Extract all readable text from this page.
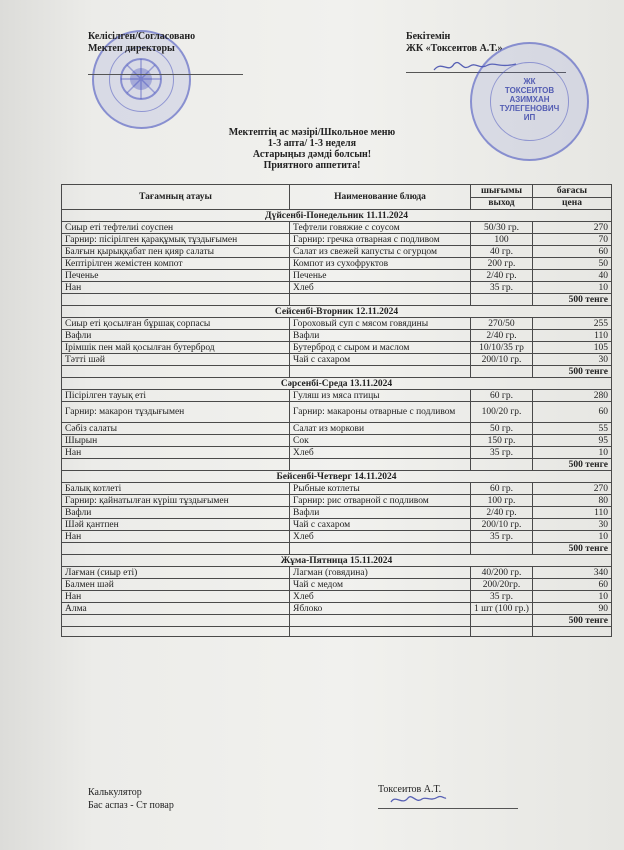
Келісілген/Согласовано
Мектеп директоры
Бекітемін
ЖК «Токсеитов А.Т.»
ЖК
ТОКСЕИТОВ
АЗИМХАН
ТУЛЕГЕНОВИЧ
ИП
Мектептің ас мәзірі/Школьное меню
1-3 апта/ 1-3 неделя
Астарыңыз дәмді болсын!
Приятного аппетита!
Тағамның атауы	Наименование блюда	шығымы	бағасы
		выход	цена
Дүйсенбі-Понедельник 11.11.2024			
Сиыр еті тефтелиі соуспен	Тефтели говяжие с соусом	50/30 гр.	270
Гарнир: пісірілген қарақұмық тұздығымен	Гарнир: гречка отварная с подливом	100	70
Балғын қырыққабат пен қияр салаты	Салат из свежей капусты с огурцом	40 гр.	60
Кептірілген жемістен компот	Компот из сухофруктов	200 гр.	50
Печенье	Печенье	2/40 гр.	40
Нан	Хлеб	35 гр.	10
			500 тенге
Сейсенбі-Вторник 12.11.2024			
Сиыр еті қосылған бұршақ сорпасы	Гороховый суп с мясом говядины	270/50	255
Вафли	Вафли	2/40 гр.	110
Ірімшік пен май қосылған бутерброд	Бутерброд с сыром и маслом	10/10/35 гр	105
Тәтті шәй	Чай с сахаром	200/10 гр.	30
			500 тенге
Сәрсенбі-Среда 13.11.2024			
Пісірілген тауық еті	Гуляш из мяса птицы	60 гр.	280
Гарнир: макарон тұздығымен	Гарнир: макароны отварные с подливом	100/20 гр.	60
Сәбіз салаты	Салат из моркови	50 гр.	55
Шырын	Сок	150 гр.	95
Нан	Хлеб	35 гр.	10
			500 тенге
Бейсенбі-Четверг 14.11.2024			
Балық котлеті	Рыбные котлеты	60 гр.	270
Гарнир: қайнатылған күріш тұздығымен	Гарнир: рис отварной с подливом	100 гр.	80
Вафли	Вафли	2/40 гр.	110
Шәй қантпен	Чай с сахаром	200/10 гр.	30
Нан	Хлеб	35 гр.	10
			500 тенге
Жұма-Пятница 15.11.2024			
Лағман (сиыр еті)	Лагман (говядина)	40/200 гр.	340
Балмен шәй	Чай с медом	200/20гр.	60
Нан	Хлеб	35 гр.	10
Алма	Яблоко	1 шт (100 гр.)	90
			500 тенге

Калькулятор
Бас аспаз - Ст повар
Токсеитов А.Т.
